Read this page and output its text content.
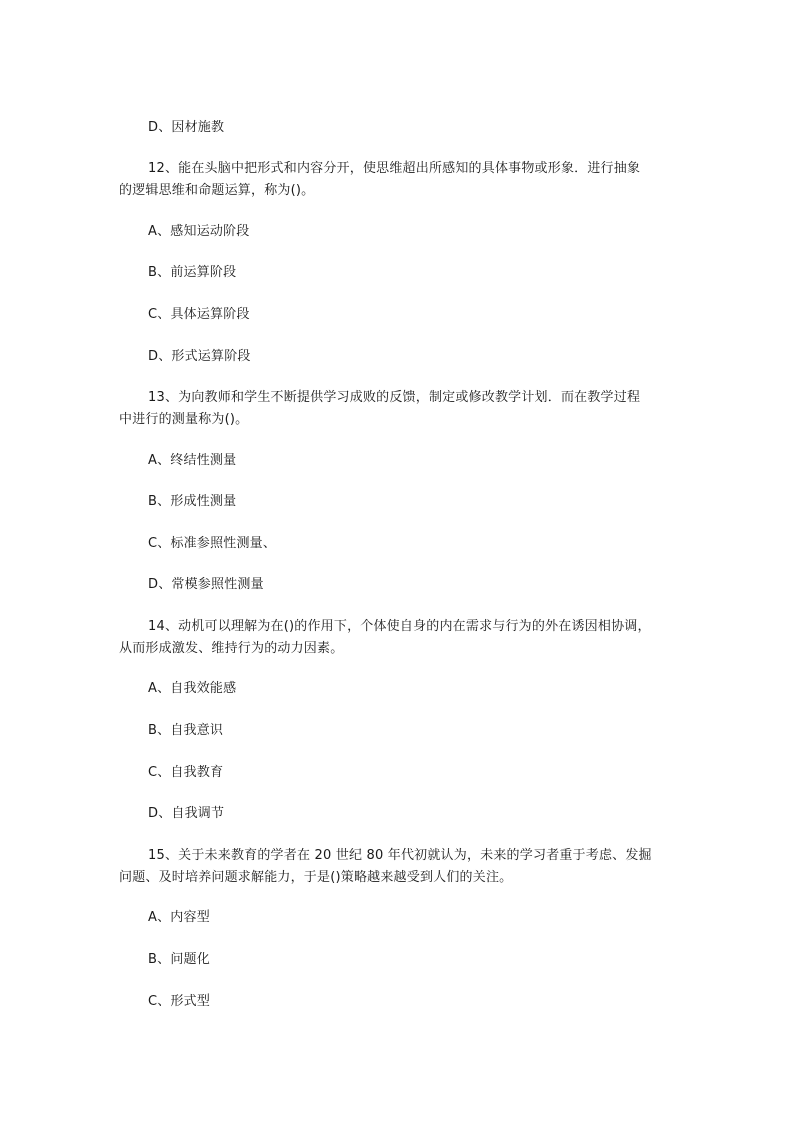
D、因材施教
12、能在头脑中把形式和内容分开，使思维超出所感知的具体事物或形象．进行抽象
的逻辑思维和命题运算，称为()。
A、感知运动阶段
B、前运算阶段
C、具体运算阶段
D、形式运算阶段
13、为向教师和学生不断提供学习成败的反馈，制定或修改教学计划．而在教学过程
中进行的测量称为()。
A、终结性测量
B、形成性测量
C、标准参照性测量、
D、常模参照性测量
14、动机可以理解为在()的作用下，个体使自身的内在需求与行为的外在诱因相协调，
从而形成激发、维持行为的动力因素。
A、自我效能感
B、自我意识
C、自我教育
D、自我调节
15、关于未来教育的学者在 20 世纪 80 年代初就认为，未来的学习者重于考虑、发掘
问题、及时培养问题求解能力，于是()策略越来越受到人们的关注。
A、内容型
B、问题化
C、形式型
